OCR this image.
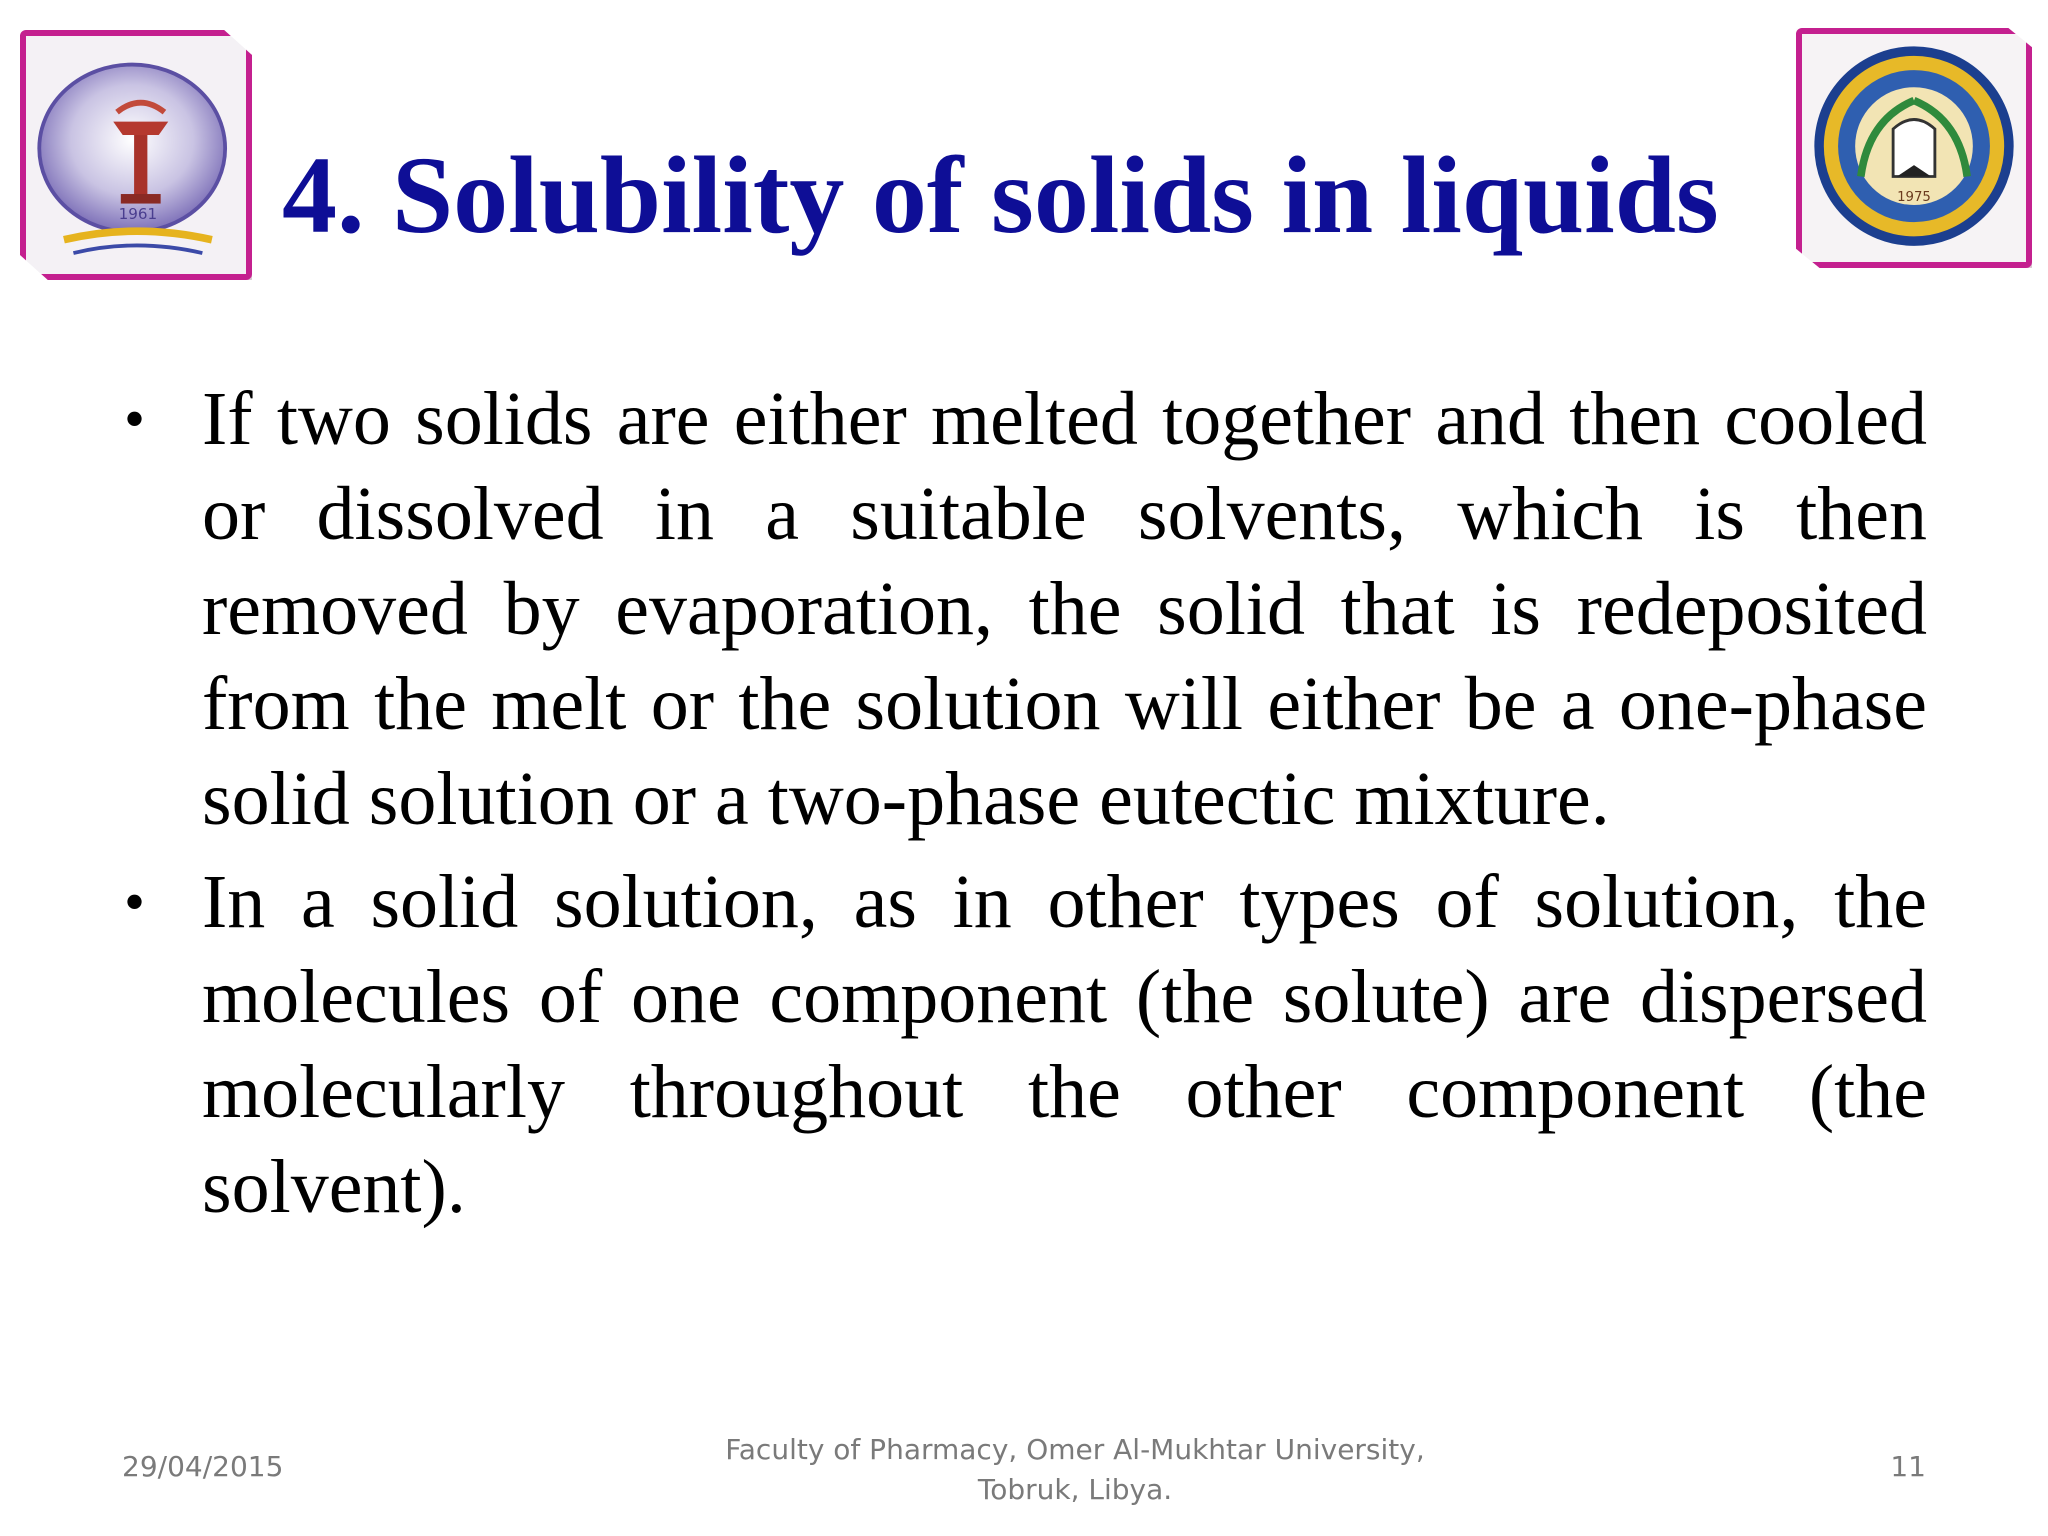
1961
1975
4. Solubility of solids in liquids
• If two solids are either melted together and then cooled or dissolved in a suitable solvents, which is then removed by evaporation, the solid that is redeposited from the melt or the solution will either be a one-phase solid solution or a two-phase eutectic mixture.
• In a solid solution, as in other types of solution, the molecules of one component (the solute) are dispersed molecularly throughout the other component (the solvent).
29/04/2015
Faculty of Pharmacy, Omer Al-Mukhtar University,
Tobruk, Libya.
11
